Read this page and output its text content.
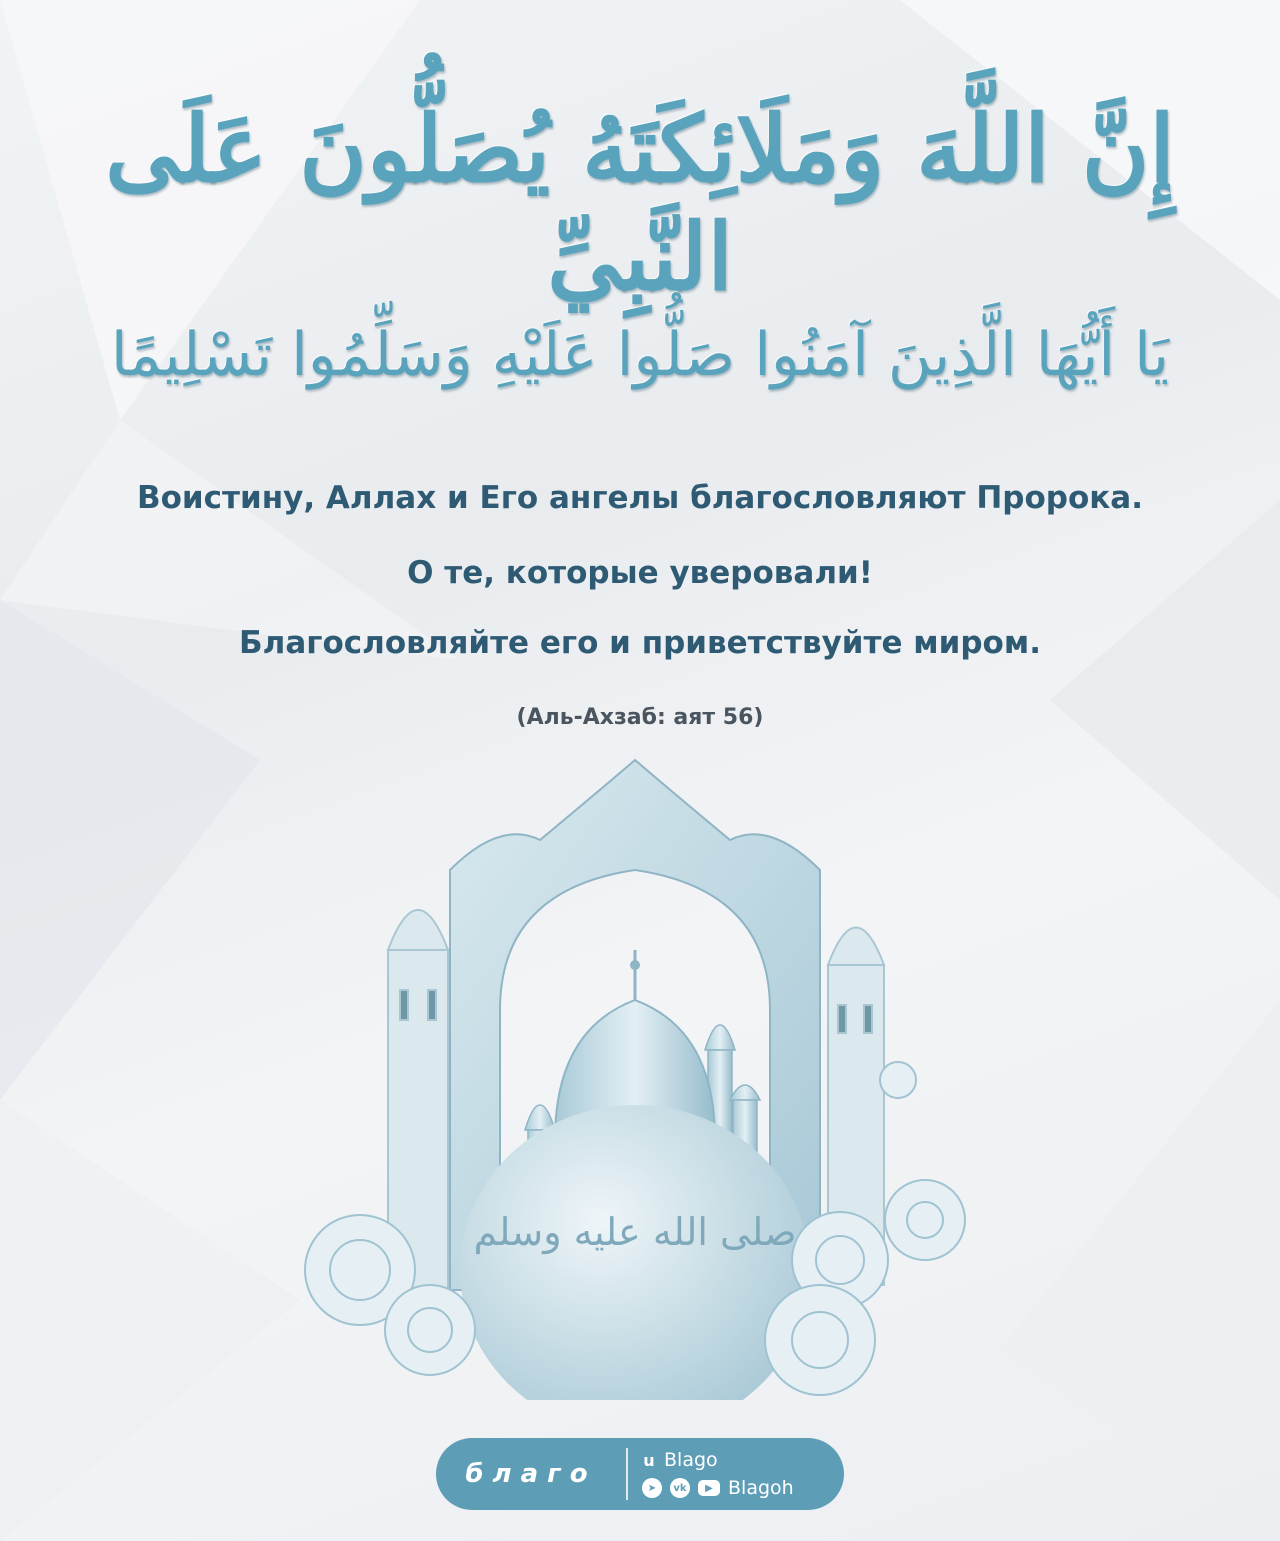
إِنَّ اللَّهَ وَمَلَائِكَتَهُ يُصَلُّونَ عَلَى النَّبِيِّ
يَا أَيُّهَا الَّذِينَ آمَنُوا صَلُّوا عَلَيْهِ وَسَلِّمُوا تَسْلِيمًا
Воистину, Аллах и Его ангелы благословляют Пророка.
О те, которые уверовали!
Благословляйте его и приветствуйте миром.
(Аль-Ахзаб: аят 56)
صلى الله عليه وسلم
благо	u Blago
➤	vk	▶ Blagoh
